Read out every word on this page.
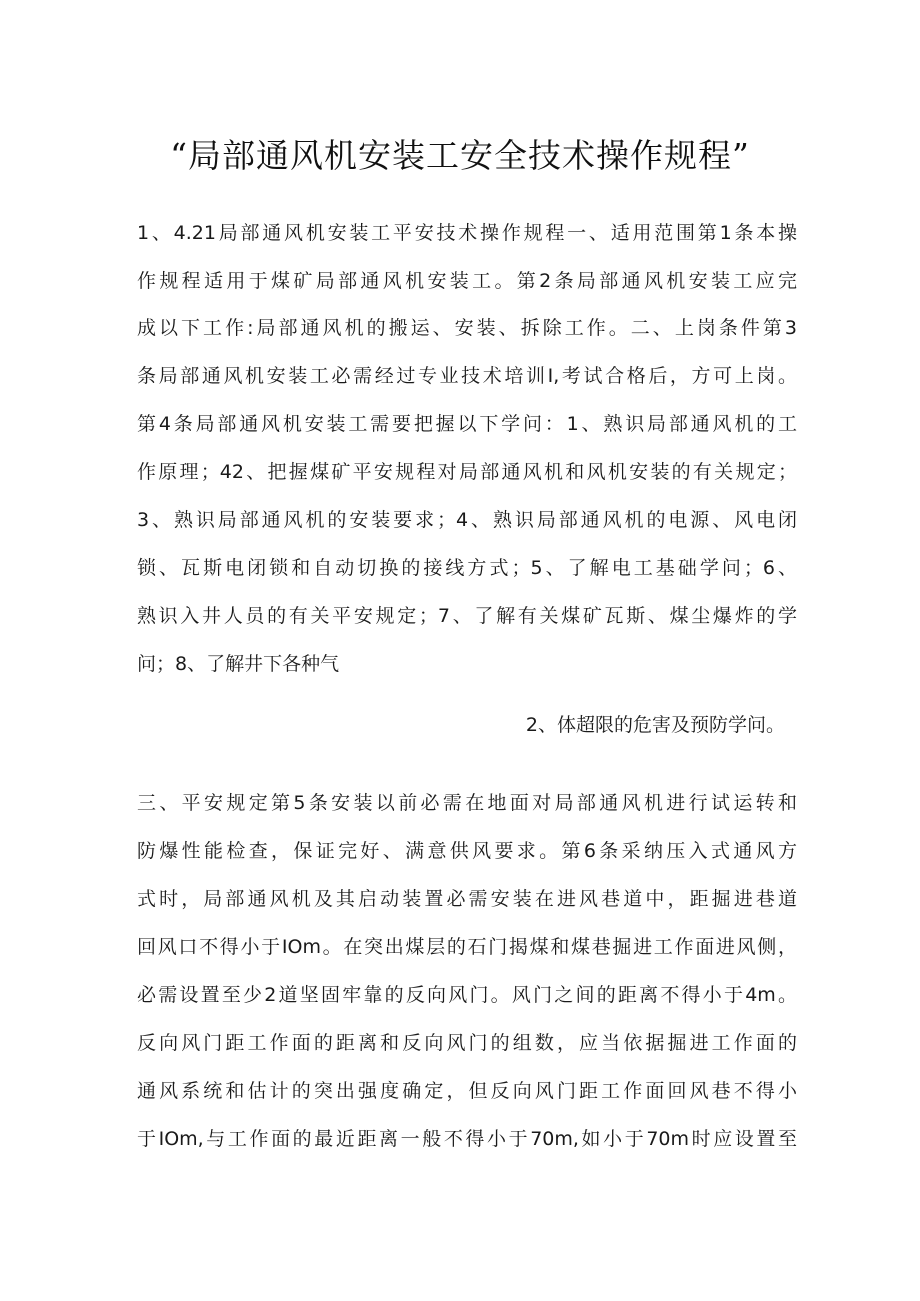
“局部通风机安装工安全技术操作规程”
1、4.21局部通风机安装工平安技术操作规程一、适用范围第1条本操
作规程适用于煤矿局部通风机安装工。第2条局部通风机安装工应完
成以下工作:局部通风机的搬运、安装、拆除工作。二、上岗条件第3
条局部通风机安装工必需经过专业技术培训I,考试合格后，方可上岗。
第4条局部通风机安装工需要把握以下学问：1、熟识局部通风机的工
作原理；42、把握煤矿平安规程对局部通风机和风机安装的有关规定；
3、熟识局部通风机的安装要求；4、熟识局部通风机的电源、风电闭
锁、瓦斯电闭锁和自动切换的接线方式；5、了解电工基础学问；6、
熟识入井人员的有关平安规定；7、了解有关煤矿瓦斯、煤尘爆炸的学
问；8、了解井下各种气
2、体超限的危害及预防学问。
三、平安规定第5条安装以前必需在地面对局部通风机进行试运转和
防爆性能检查，保证完好、满意供风要求。第6条采纳压入式通风方
式时，局部通风机及其启动装置必需安装在进风巷道中，距掘进巷道
回风口不得小于IOm。在突出煤层的石门揭煤和煤巷掘进工作面进风侧，
必需设置至少2道坚固牢靠的反向风门。风门之间的距离不得小于4m。
反向风门距工作面的距离和反向风门的组数，应当依据掘进工作面的
通风系统和估计的突出强度确定，但反向风门距工作面回风巷不得小
于IOm,与工作面的最近距离一般不得小于70m,如小于70m时应设置至
